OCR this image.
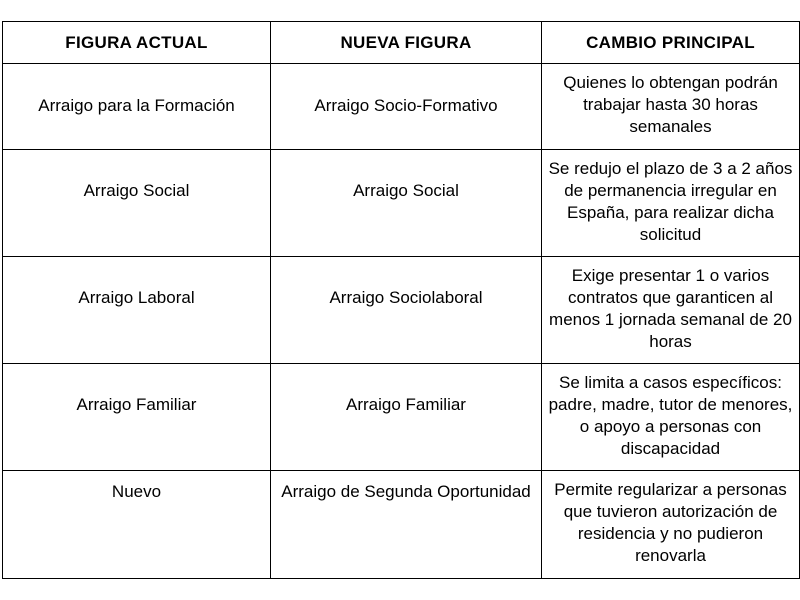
FIGURA ACTUAL	NUEVA FIGURA	CAMBIO PRINCIPAL
Arraigo para la Formación	Arraigo Socio-Formativo	Quienes lo obtengan podrán trabajar hasta 30 horas semanales
Arraigo Social	Arraigo Social	Se redujo el plazo de 3 a 2 años de permanencia irregular en España, para realizar dicha solicitud
Arraigo Laboral	Arraigo Sociolaboral	Exige presentar 1 o varios contratos que garanticen al menos 1 jornada semanal de 20 horas
Arraigo Familiar	Arraigo Familiar	Se limita a casos específicos: padre, madre, tutor de menores, o apoyo a personas con discapacidad
Nuevo	Arraigo de Segunda Oportunidad	Permite regularizar a personas que tuvieron autorización de residencia y no pudieron renovarla
